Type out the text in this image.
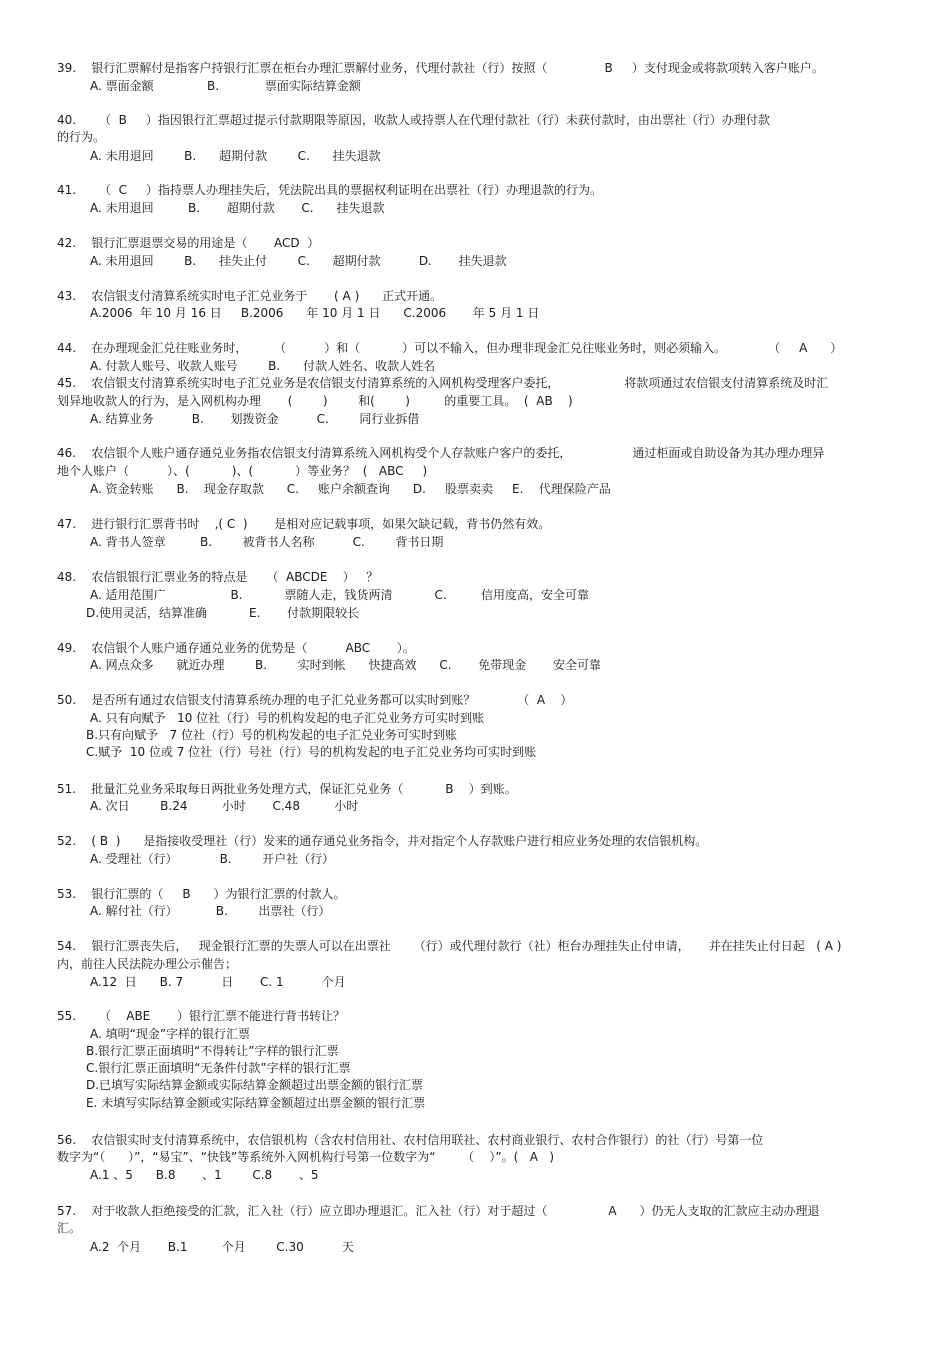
39.    银行汇票解付是指客户持银行汇票在柜台办理汇票解付业务，代理付款社（行）按照（               B     ）支付现金或将款项转入客户账户。
A. 票面金额              B.            票面实际结算金额
40.      （  B     ）指因银行汇票超过提示付款期限等原因，收款人或持票人在代理付款社（行）未获付款时，由出票社（行）办理付款
的行为。
A. 未用退回        B.      超期付款        C.      挂失退款
41.      （  C     ）指持票人办理挂失后，凭法院出具的票据权利证明在出票社（行）办理退款的行为。
A. 未用退回         B.       超期付款       C.      挂失退款
42.    银行汇票退票交易的用途是（       ACD  ）
A. 未用退回        B.      挂失止付        C.      超期付款          D.       挂失退款
43.    农信银支付清算系统实时电子汇兑业务于       ( A )      正式开通。
A.2006  年 10 月 16 日     B.2006      年 10 月 1 日      C.2006       年 5 月 1 日
44.    在办理现金汇兑往账业务时，       （          ）和（           ）可以不输入，但办理非现金汇兑往账业务时，则必须输入。           （     A      ）
A. 付款人账号、收款人账号        B.      付款人姓名、收款人姓名
45.    农信银支付清算系统实时电子汇兑业务是农信银支付清算系统的入网机构受理客户委托，                 将款项通过农信银支付清算系统及时汇
划异地收款人的行为，是入网机构办理       (        )        和(        )         的重要工具。  (  AB    )
A. 结算业务          B.       划拨资金          C.        同行业拆借
46.    农信银个人账户通存通兑业务指农信银支付清算系统入网机构受个人存款账户客户的委托，                通过柜面或自助设备为其办理办理异
地个人账户（          ）、(           )、(           ）等业务？  (   ABC     )
A. 资金转账      B.    现金存取款      C.     账户余额查询      D.     股票卖卖     E.    代理保险产品
47.    进行银行汇票背书时    ,( C  )       是相对应记载事项，如果欠缺记载，背书仍然有效。
A. 背书人签章         B.        被背书人名称          C.        背书日期
48.    农信银银行汇票业务的特点是     （  ABCDE    ）   ？
A. 适用范围广                 B.           票随人走，钱货两清           C.         信用度高，安全可靠
D.使用灵活，结算准确           E.       付款期限较长
49.    农信银个人账户通存通兑业务的优势是（          ABC       ）。
A. 网点众多      就近办理        B.        实时到帐      快捷高效      C.       免带现金       安全可靠
50.    是否所有通过农信银支付清算系统办理的电子汇兑业务都可以实时到账？           （  A    ）
A. 只有向赋予   10 位社（行）号的机构发起的电子汇兑业务方可实时到账
B.只有向赋予   7 位社（行）号的机构发起的电子汇兑业务可实时到账
C.赋予  10 位或 7 位社（行）号社（行）号的机构发起的电子汇兑业务均可实时到账
51.    批量汇兑业务采取每日两批业务处理方式，保证汇兑业务（           B    ）到账。
A. 次日        B.24         小时       C.48         小时
52.    ( B  )      是指接收受理社（行）发来的通存通兑业务指令，并对指定个人存款账户进行相应业务处理的农信银机构。
A. 受理社（行）           B.        开户社（行）
53.    银行汇票的（     B      ）为银行汇票的付款人。
A. 解付社（行）          B.        出票社（行）
54.    银行汇票丧失后，   现金银行汇票的失票人可以在出票社      （行）或代理付款行（社）柜台办理挂失止付申请，     并在挂失止付日起   ( A )
内，前往人民法院办理公示催告；
A.12  日      B. 7          日       C. 1          个月
55.      （    ABE       ）银行汇票不能进行背书转让？
A. 填明“现金”字样的银行汇票
B.银行汇票正面填明“不得转让”字样的银行汇票
C.银行汇票正面填明“无条件付款”字样的银行汇票
D.已填写实际结算金额或实际结算金额超过出票金额的银行汇票
E. 未填写实际结算金额或实际结算金额超过出票金额的银行汇票
56.    农信银实时支付清算系统中，农信银机构（含农村信用社、农村信用联社、农村商业银行、农村合作银行）的社（行）号第一位
数字为“（      ）”，“易宝”、“快钱”等系统外入网机构行号第一位数字为“       （    ）”。(   A   )
A.1 、5      B.8       、1        C.8       、5
57.    对于收款人拒绝接受的汇款，汇入社（行）应立即办理退汇。汇入社（行）对于超过（                A      ）仍无人支取的汇款应主动办理退
汇。
A.2  个月       B.1         个月        C.30          天
